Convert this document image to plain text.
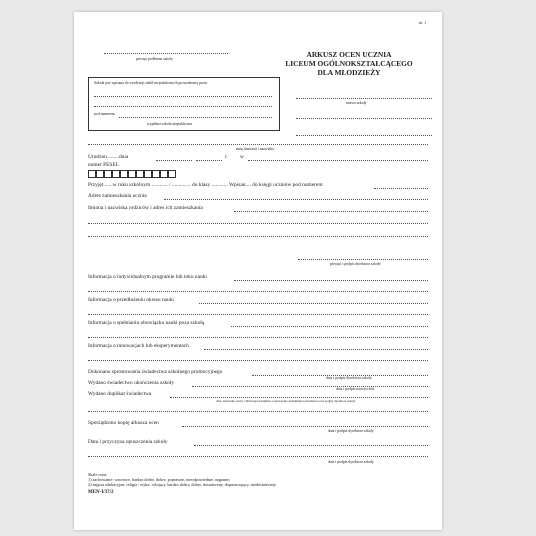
str. 1
pieczęć podłużna szkoły	ARKUSZ OCEN UCZNIA
LICEUM OGÓLNOKSZTAŁCĄCEGO
DLA MŁODZIEŻY
Szkoła jest wpisana do ewidencji szkół niepublicznych prowadzonej przez
pod numerem
wypełnia szkoła niepubliczna
nazwa szkoły
imię (imiona) i nazwisko
Urodzon.........dnia	r. w
numer PESEL
Przyjęt.......w roku szkolnym ............ / .............. do klasy ............ Wpisan.... do księgi uczniów pod numerem
Adres zamieszkania ucznia
Imiona i nazwiska rodziców i adres ich zamieszkania
pieczęć i podpis dyrektora szkoły
Informacja o indywidualnym programie lub toku nauki
Informacja o przedłużeniu okresu nauki
Informacja o spełnianiu obowiązku nauki poza szkołą
Informacja o innowacjach lub eksperymentach
Dokonano sprostowania świadectwa szkolnego promocyjnego
data i podpis dyrektora szkoły
Wydano świadectwo ukończenia szkoły
data i podpis nauczyciela
Wydano duplikat świadectwa
data, nazwisko osoby odbierającej duplikat i oznaczenie dokumentu tożsamości oraz podpis dyrektora szkoły
Sporządzono kopię arkusza ocen
data i podpis dyrektora szkoły
Data i przyczyna opuszczenia szkoły
data i podpis dyrektora szkoły
Skale ocen:
1) zachowanie: wzorowe, bardzo dobre, dobre, poprawne, nieodpowiednie, naganne;
2) zajęcia edukacyjne, religia / etyka: celujący, bardzo dobry, dobry, dostateczny, dopuszczający, niedostateczny.
MEN-I/37/2
